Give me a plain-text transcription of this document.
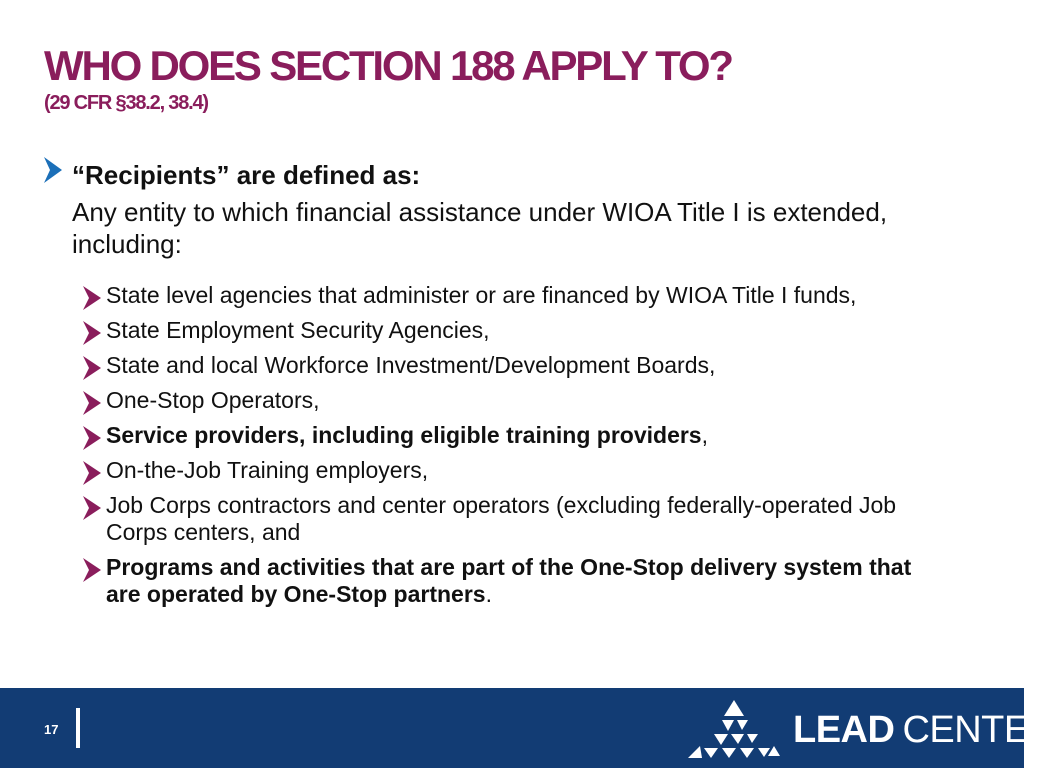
WHO DOES SECTION 188 APPLY TO?
(29 CFR §38.2, 38.4)
“Recipients” are defined as:
Any entity to which financial assistance under WIOA Title I is extended, including:
State level agencies that administer or are financed by WIOA Title I funds,
State Employment Security Agencies,
State and local Workforce Investment/Development Boards,
One-Stop Operators,
Service providers, including eligible training providers,
On-the-Job Training employers,
Job Corps contractors and center operators (excluding federally-operated Job Corps centers, and
Programs and activities that are part of the One-Stop delivery system that are operated by One-Stop partners.
17	LEAD CENTER
